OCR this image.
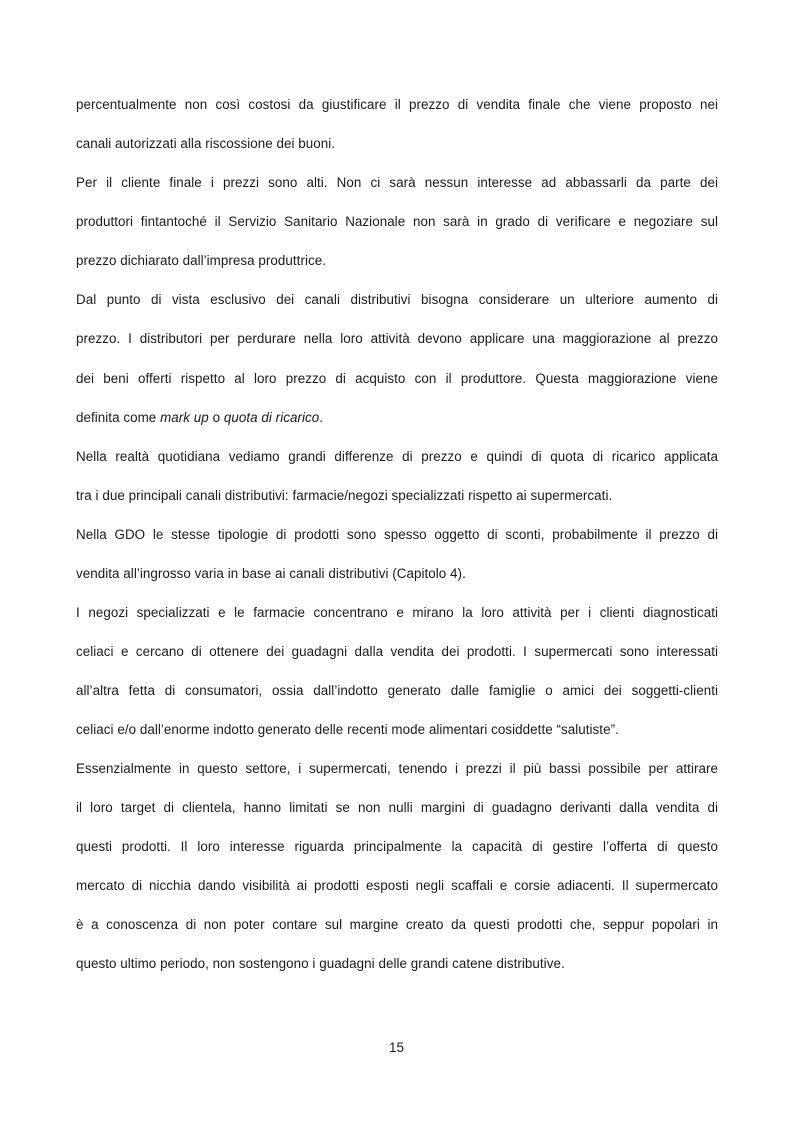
percentualmente non così costosi da giustificare il prezzo di vendita finale che viene proposto nei
canali autorizzati alla riscossione dei buoni.
Per il cliente finale i prezzi sono alti. Non ci sarà nessun interesse ad abbassarli da parte dei
produttori fintantoché il Servizio Sanitario Nazionale non sarà in grado di verificare e negoziare sul
prezzo dichiarato dall’impresa produttrice.
Dal punto di vista esclusivo dei canali distributivi bisogna considerare un ulteriore aumento di
prezzo. I distributori per perdurare nella loro attività devono applicare una maggiorazione al prezzo
dei beni offerti rispetto al loro prezzo di acquisto con il produttore. Questa maggiorazione viene
definita come mark up o quota di ricarico.
Nella realtà quotidiana vediamo grandi differenze di prezzo e quindi di quota di ricarico applicata
tra i due principali canali distributivi: farmacie/negozi specializzati rispetto ai supermercati.
Nella GDO le stesse tipologie di prodotti sono spesso oggetto di sconti, probabilmente il prezzo di
vendita all’ingrosso varia in base ai canali distributivi (Capitolo 4).
I negozi specializzati e le farmacie concentrano e mirano la loro attività per i clienti diagnosticati
celiaci e cercano di ottenere dei guadagni dalla vendita dei prodotti. I supermercati sono interessati
all’altra fetta di consumatori, ossia dall’indotto generato dalle famiglie o amici dei soggetti-clienti
celiaci e/o dall’enorme indotto generato delle recenti mode alimentari cosiddette “salutiste”.
Essenzialmente in questo settore, i supermercati, tenendo i prezzi il più bassi possibile per attirare
il loro target di clientela, hanno limitati se non nulli margini di guadagno derivanti dalla vendita di
questi prodotti. Il loro interesse riguarda principalmente la capacità di gestire l’offerta di questo
mercato di nicchia dando visibilità ai prodotti esposti negli scaffali e corsie adiacenti. Il supermercato
è a conoscenza di non poter contare sul margine creato da questi prodotti che, seppur popolari in
questo ultimo periodo, non sostengono i guadagni delle grandi catene distributive.
15
